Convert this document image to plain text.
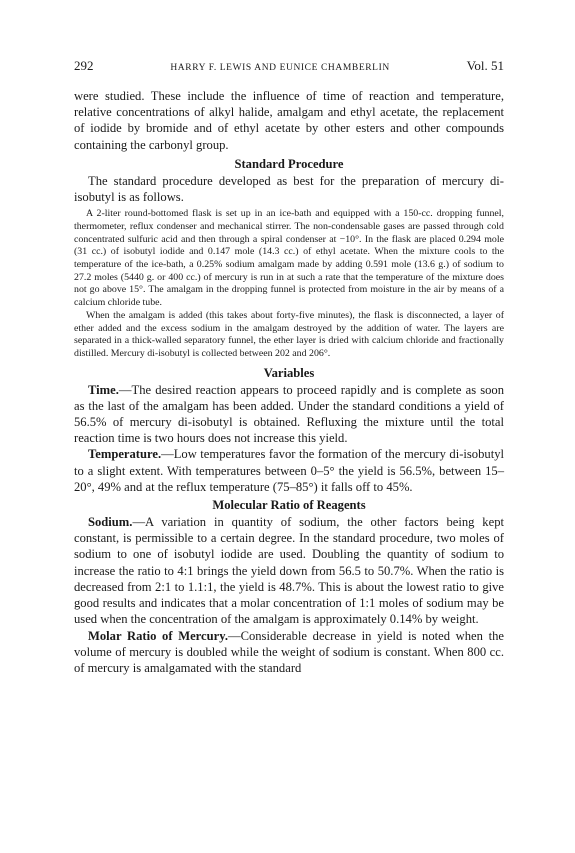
292	HARRY F. LEWIS AND EUNICE CHAMBERLIN	Vol. 51

were studied. These include the influence of time of reaction and temperature, relative concentrations of alkyl halide, amalgam and ethyl acetate, the replacement of iodide by bromide and of ethyl acetate by other esters and other compounds containing the carbonyl group.

Standard Procedure

The standard procedure developed as best for the preparation of mercury di-isobutyl is as follows.

A 2-liter round-bottomed flask is set up in an ice-bath and equipped with a 150-cc. dropping funnel, thermometer, reflux condenser and mechanical stirrer. The non-condensable gases are passed through cold concentrated sulfuric acid and then through a spiral condenser at −10°. In the flask are placed 0.294 mole (31 cc.) of isobutyl iodide and 0.147 mole (14.3 cc.) of ethyl acetate. When the mixture cools to the temperature of the ice-bath, a 0.25% sodium amalgam made by adding 0.591 mole (13.6 g.) of sodium to 27.2 moles (5440 g. or 400 cc.) of mercury is run in at such a rate that the temperature of the mixture does not go above 15°. The amalgam in the dropping funnel is protected from moisture in the air by means of a calcium chloride tube.

When the amalgam is added (this takes about forty-five minutes), the flask is disconnected, a layer of ether added and the excess sodium in the amalgam destroyed by the addition of water. The layers are separated in a thick-walled separatory funnel, the ether layer is dried with calcium chloride and fractionally distilled. Mercury di-isobutyl is collected between 202 and 206°.

Variables

Time.—The desired reaction appears to proceed rapidly and is complete as soon as the last of the amalgam has been added. Under the standard conditions a yield of 56.5% of mercury di-isobutyl is obtained. Refluxing the mixture until the total reaction time is two hours does not increase this yield.

Temperature.—Low temperatures favor the formation of the mercury di-isobutyl to a slight extent. With temperatures between 0–5° the yield is 56.5%, between 15–20°, 49% and at the reflux temperature (75–85°) it falls off to 45%.

Molecular Ratio of Reagents

Sodium.—A variation in quantity of sodium, the other factors being kept constant, is permissible to a certain degree. In the standard procedure, two moles of sodium to one of isobutyl iodide are used. Doubling the quantity of sodium to increase the ratio to 4:1 brings the yield down from 56.5 to 50.7%. When the ratio is decreased from 2:1 to 1.1:1, the yield is 48.7%. This is about the lowest ratio to give good results and indicates that a molar concentration of 1:1 moles of sodium may be used when the concentration of the amalgam is approximately 0.14% by weight.

Molar Ratio of Mercury.—Considerable decrease in yield is noted when the volume of mercury is doubled while the weight of sodium is constant. When 800 cc. of mercury is amalgamated with the standard
